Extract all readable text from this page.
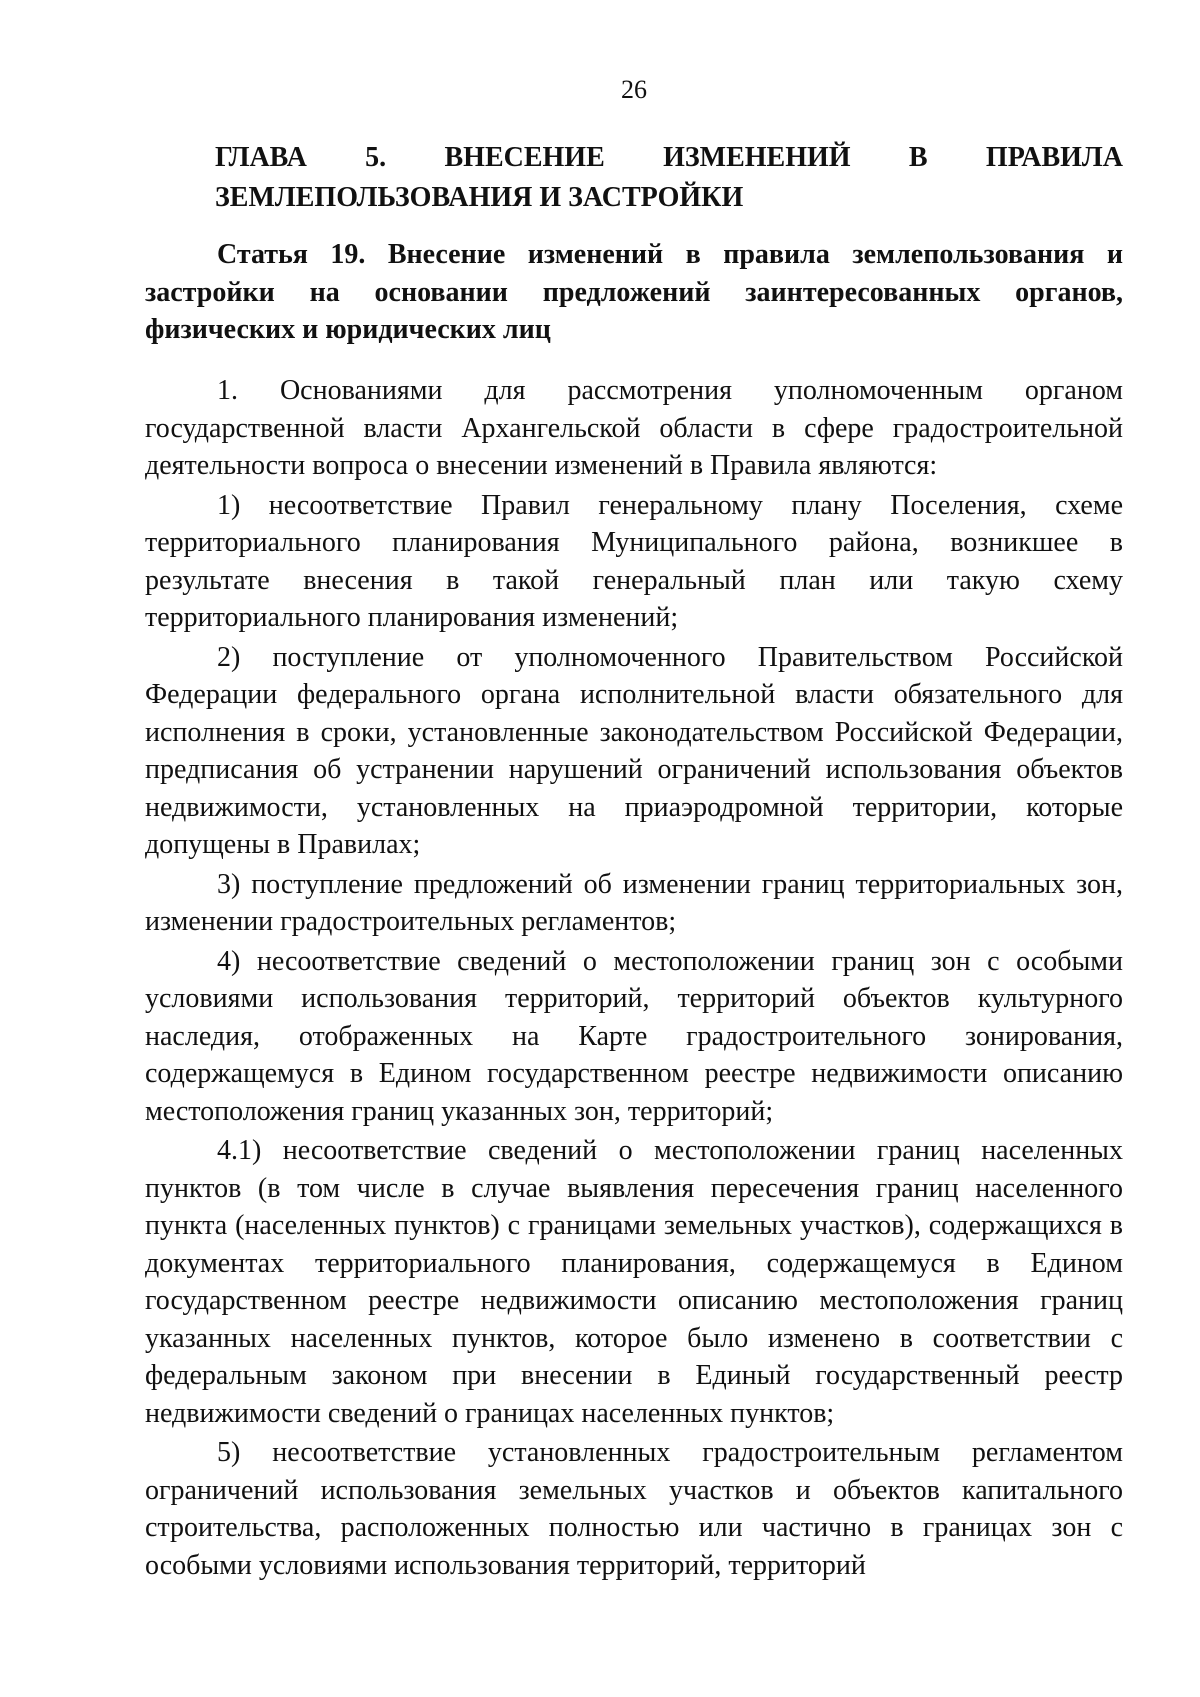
26
ГЛАВА 5. ВНЕСЕНИЕ ИЗМЕНЕНИЙ В ПРАВИЛА
ЗЕМЛЕПОЛЬЗОВАНИЯ И ЗАСТРОЙКИ
Статья 19. Внесение изменений в правила землепользования и застройки на основании предложений заинтересованных органов, физических и юридических лиц

1. Основаниями для рассмотрения уполномоченным органом государственной власти Архангельской области в сфере градостроительной деятельности вопроса о внесении изменений в Правила являются:

1) несоответствие Правил генеральному плану Поселения, схеме территориального планирования Муниципального района, возникшее в результате внесения в такой генеральный план или такую схему территориального планирования изменений;

2) поступление от уполномоченного Правительством Российской Федерации федерального органа исполнительной власти обязательного для исполнения в сроки, установленные законодательством Российской Федерации, предписания об устранении нарушений ограничений использования объектов недвижимости, установленных на приаэродромной территории, которые допущены в Правилах;

3) поступление предложений об изменении границ территориальных зон, изменении градостроительных регламентов;

4) несоответствие сведений о местоположении границ зон с особыми условиями использования территорий, территорий объектов культурного наследия, отображенных на Карте градостроительного зонирования, содержащемуся в Едином государственном реестре недвижимости описанию местоположения границ указанных зон, территорий;

4.1) несоответствие сведений о местоположении границ населенных пунктов (в том числе в случае выявления пересечения границ населенного пункта (населенных пунктов) с границами земельных участков), содержащихся в документах территориального планирования, содержащемуся в Едином государственном реестре недвижимости описанию местоположения границ указанных населенных пунктов, которое было изменено в соответствии с федеральным законом при внесении в Единый государственный реестр недвижимости сведений о границах населенных пунктов;

5) несоответствие установленных градостроительным регламентом ограничений использования земельных участков и объектов капитального строительства, расположенных полностью или частично в границах зон с особыми условиями использования территорий, территорий
